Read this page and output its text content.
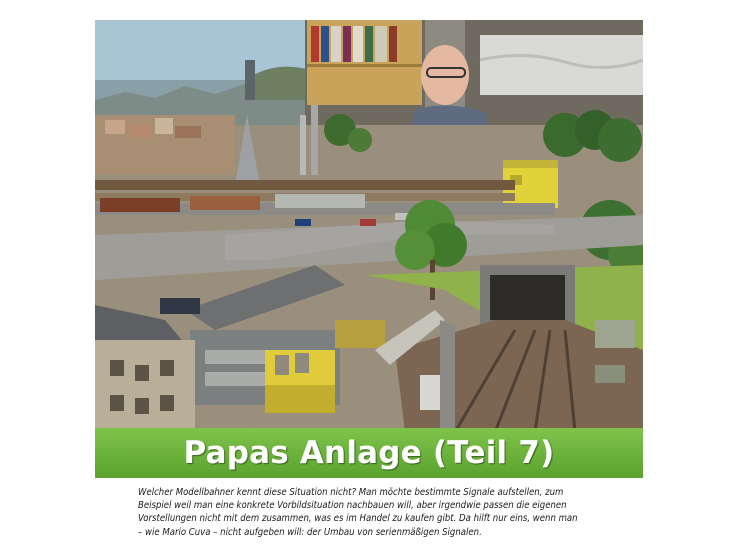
Papas Anlage (Teil 7)
Welcher Modellbahner kennt diese Situation nicht? Man möchte bestimmte Signale aufstellen, zum
Beispiel weil man eine konkrete Vorbildsituation nachbauen will, aber irgendwie passen die eigenen
Vorstellungen nicht mit dem zusammen, was es im Handel zu kaufen gibt. Da hilft nur eins, wenn man
– wie Mario Cuva – nicht aufgeben will: der Umbau von serienmäßigen Signalen.
